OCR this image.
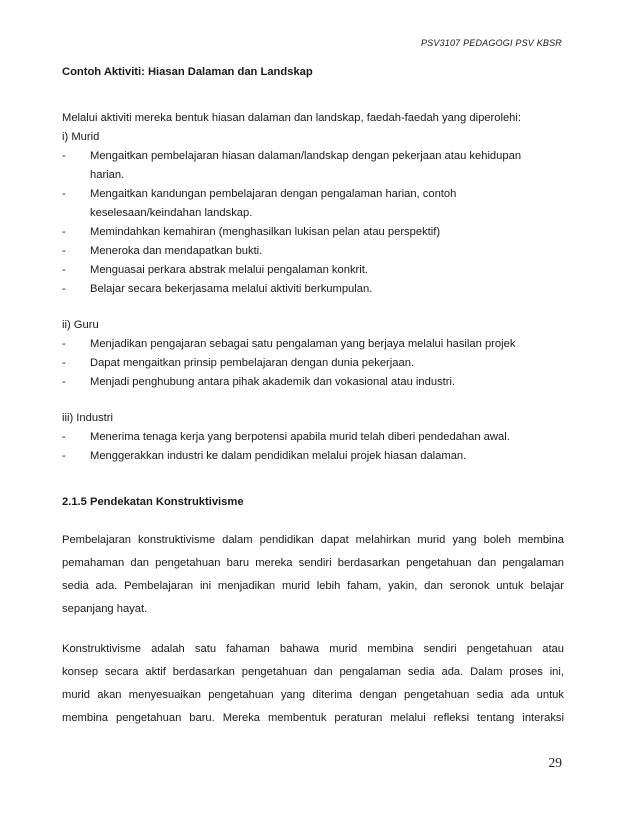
PSV3107 PEDAGOGI PSV KBSR

Contoh Aktiviti: Hiasan Dalaman dan Landskap

Melalui aktiviti mereka bentuk hiasan dalaman dan landskap, faedah-faedah yang diperolehi:

i) Murid

-	Mengaitkan pembelajaran hiasan dalaman/landskap dengan pekerjaan atau kehidupan
harian.
-	Mengaitkan kandungan pembelajaran dengan pengalaman harian, contoh
keselesaan/keindahan landskap.
-	Memindahkan kemahiran (menghasilkan lukisan pelan atau perspektif)
-	Meneroka dan mendapatkan bukti.
-	Menguasai perkara abstrak melalui pengalaman konkrit.
-	Belajar secara bekerjasama melalui aktiviti berkumpulan.

ii) Guru

-	Menjadikan pengajaran sebagai satu pengalaman yang berjaya melalui hasilan projek
-	Dapat mengaitkan prinsip pembelajaran dengan dunia pekerjaan.
-	Menjadi penghubung antara pihak akademik dan vokasional atau industri.

iii) Industri

-	Menerima tenaga kerja yang berpotensi apabila murid telah diberi pendedahan awal.
-	Menggerakkan industri ke dalam pendidikan melalui projek hiasan dalaman.

2.1.5 Pendekatan Konstruktivisme

Pembelajaran konstruktivisme dalam pendidikan dapat melahirkan murid yang boleh membina
pemahaman dan pengetahuan baru mereka sendiri berdasarkan pengetahuan dan pengalaman
sedia ada. Pembelajaran ini menjadikan murid lebih faham, yakin, dan seronok untuk belajar
sepanjang hayat.
Konstruktivisme adalah satu fahaman bahawa murid membina sendiri pengetahuan atau
konsep secara aktif berdasarkan pengetahuan dan pengalaman sedia ada. Dalam proses ini,
murid akan menyesuaikan pengetahuan yang diterima dengan pengetahuan sedia ada untuk
membina pengetahuan baru. Mereka membentuk peraturan melalui refleksi tentang interaksi
29
